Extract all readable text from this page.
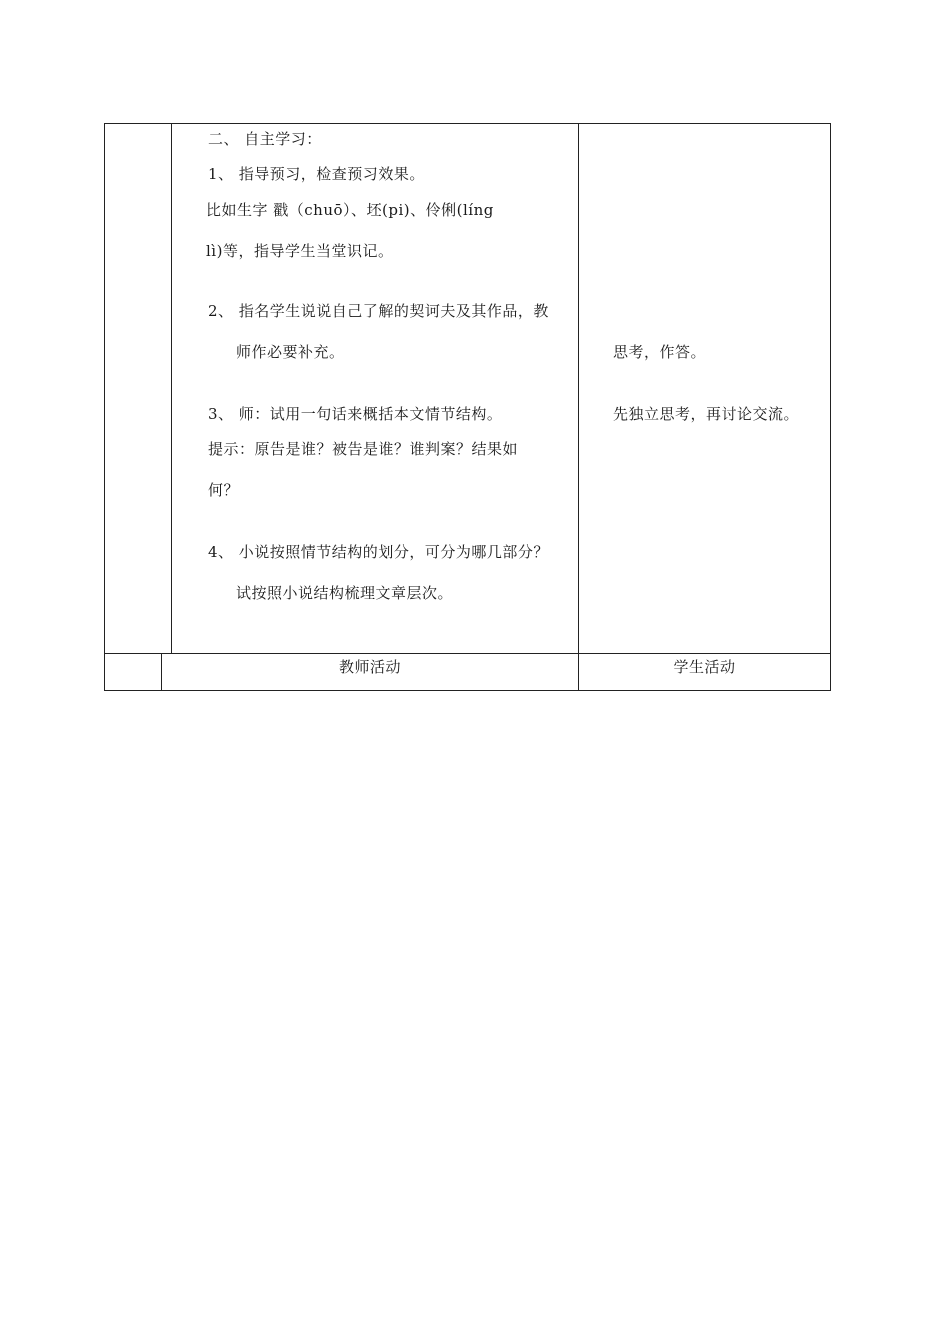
二、 自主学习：
1、 指导预习，检查预习效果。
比如生字 戳（chuō）、坯(pi)、伶俐(líng
lì)等，指导学生当堂识记。
2、 指名学生说说自己了解的契诃夫及其作品，教
师作必要补充。
3、 师：试用一句话来概括本文情节结构。
提示：原告是谁？被告是谁？谁判案？结果如
何？
4、 小说按照情节结构的划分，可分为哪几部分？
试按照小说结构梳理文章层次。
思考，作答。
先独立思考，再讨论交流。
教师活动	学生活动
